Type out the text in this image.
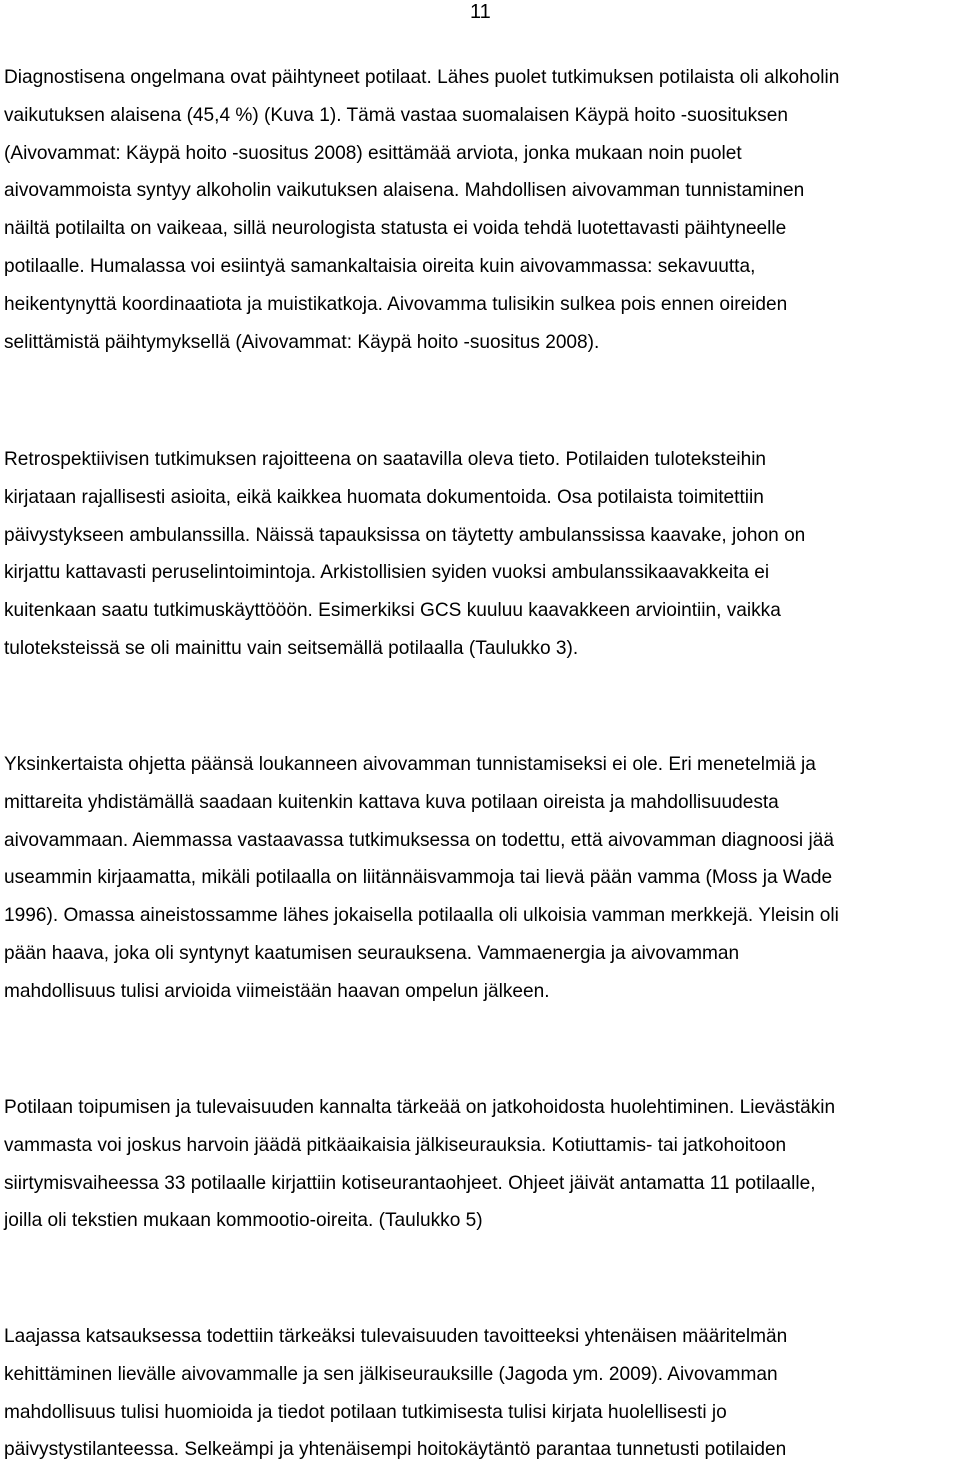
11
Diagnostisena ongelmana ovat päihtyneet potilaat. Lähes puolet tutkimuksen potilaista oli alkoholin
vaikutuksen alaisena (45,4 %) (Kuva 1). Tämä vastaa suomalaisen Käypä hoito -suosituksen
(Aivovammat: Käypä hoito -suositus 2008) esittämää arviota, jonka mukaan noin puolet
aivovammoista syntyy alkoholin vaikutuksen alaisena. Mahdollisen aivovamman tunnistaminen
näiltä potilailta on vaikeaa, sillä neurologista statusta ei voida tehdä luotettavasti päihtyneelle
potilaalle. Humalassa voi esiintyä samankaltaisia oireita kuin aivovammassa: sekavuutta,
heikentynyttä koordinaatiota ja muistikatkoja. Aivovamma tulisikin sulkea pois ennen oireiden
selittämistä päihtymyksellä (Aivovammat: Käypä hoito -suositus 2008).
Retrospektiivisen tutkimuksen rajoitteena on saatavilla oleva tieto. Potilaiden tuloteksteihin
kirjataan rajallisesti asioita, eikä kaikkea huomata dokumentoida. Osa potilaista toimitettiin
päivystykseen ambulanssilla. Näissä tapauksissa on täytetty ambulanssissa kaavake, johon on
kirjattu kattavasti peruselintoimintoja. Arkistollisien syiden vuoksi ambulanssikaavakkeita ei
kuitenkaan saatu tutkimuskäyttööön. Esimerkiksi GCS kuuluu kaavakkeen arviointiin, vaikka
tuloteksteissä se oli mainittu vain seitsemällä potilaalla (Taulukko 3).
Yksinkertaista ohjetta päänsä loukanneen aivovamman tunnistamiseksi ei ole. Eri menetelmiä ja
mittareita yhdistämällä saadaan kuitenkin kattava kuva potilaan oireista ja mahdollisuudesta
aivovammaan. Aiemmassa vastaavassa tutkimuksessa on todettu, että aivovamman diagnoosi jää
useammin kirjaamatta, mikäli potilaalla on liitännäisvammoja tai lievä pään vamma (Moss ja Wade
1996). Omassa aineistossamme lähes jokaisella potilaalla oli ulkoisia vamman merkkejä. Yleisin oli
pään haava, joka oli syntynyt kaatumisen seurauksena. Vammaenergia ja aivovamman
mahdollisuus tulisi arvioida viimeistään haavan ompelun jälkeen.
Potilaan toipumisen ja tulevaisuuden kannalta tärkeää on jatkohoidosta huolehtiminen. Lievästäkin
vammasta voi joskus harvoin jäädä pitkäaikaisia jälkiseurauksia. Kotiuttamis- tai jatkohoitoon
siirtymisvaiheessa 33 potilaalle kirjattiin kotiseurantaohjeet. Ohjeet jäivät antamatta 11 potilaalle,
joilla oli tekstien mukaan kommootio-oireita. (Taulukko 5)
Laajassa katsauksessa todettiin tärkeäksi tulevaisuuden tavoitteeksi yhtenäisen määritelmän
kehittäminen lievälle aivovammalle ja sen jälkiseurauksille (Jagoda ym. 2009). Aivovamman
mahdollisuus tulisi huomioida ja tiedot potilaan tutkimisesta tulisi kirjata huolellisesti jo
päivystystilanteessa. Selkeämpi ja yhtenäisempi hoitokäytäntö parantaa tunnetusti potilaiden
